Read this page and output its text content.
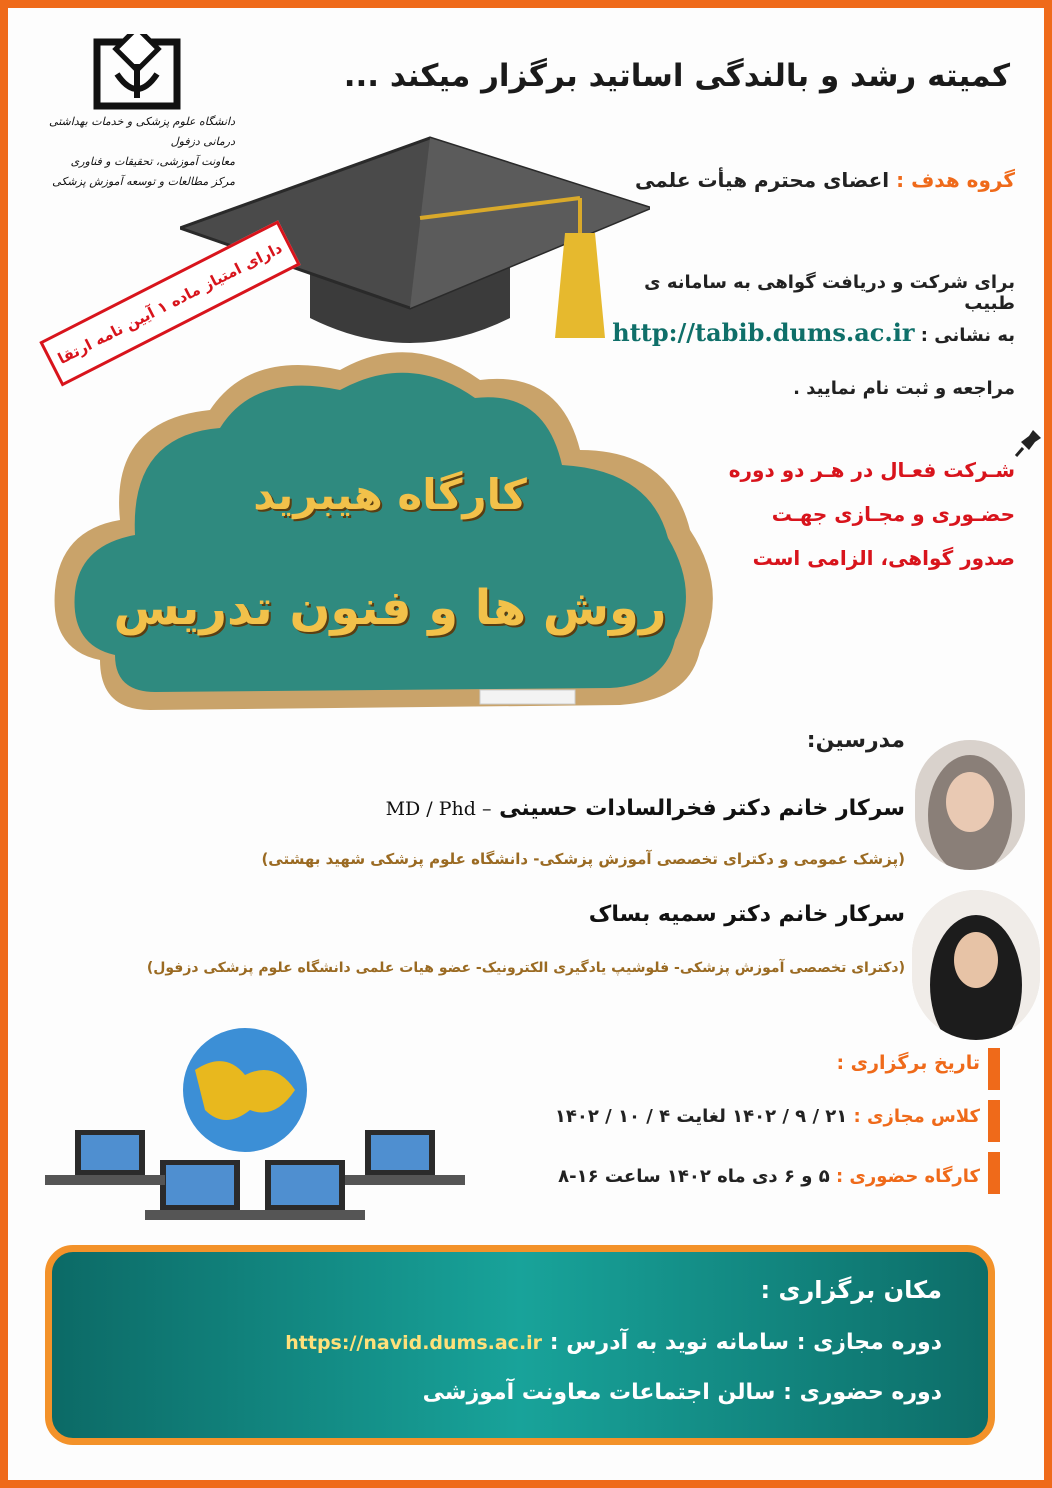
دانشگاه علوم پزشکی و خدمات بهداشتی درمانی دزفول
معاونت آموزشی، تحقیقات و فناوری
مرکز مطالعات و توسعه آموزش پزشکی
کمیته رشد و بالندگی اساتید برگزار میکند ...
گروه هدف : اعضای محترم هیأت علمی
برای شرکت و دریافت گواهی به سامانه ی طبیب
به نشانی : http://tabib.dums.ac.ir
مراجعه و ثبت نام نمایید .
شـرکت فعـال در هـر دو دوره
حضـوری و مجـازی جهـت
صدور گواهی، الزامی است
دارای امتیاز ماده ۱ آیین نامه ارتقا
کارگاه هیبرید
روش ها و فنون تدریس
مدرسین:
سرکار خانم دکتر فخرالسادات حسینی MD / Phd –
(پزشک عمومی و دکترای تخصصی آموزش پزشکی- دانشگاه علوم پزشکی شهید بهشتی)
سرکار خانم دکتر سمیه بساک
(دکترای تخصصی آموزش پزشکی- فلوشیپ یادگیری الکترونیک- عضو هیات علمی دانشگاه علوم پزشکی دزفول)
تاریخ برگزاری :
کلاس مجازی : ۲۱ / ۹ / ۱۴۰۲ لغایت ۴ / ۱۰ / ۱۴۰۲
کارگاه حضوری : ۵ و ۶ دی ماه ۱۴۰۲ ساعت ۱۶-۸
مکان برگزاری :
دوره مجازی : سامانه نوید به آدرس : https://navid.dums.ac.ir
دوره حضوری : سالن اجتماعات معاونت آموزشی
